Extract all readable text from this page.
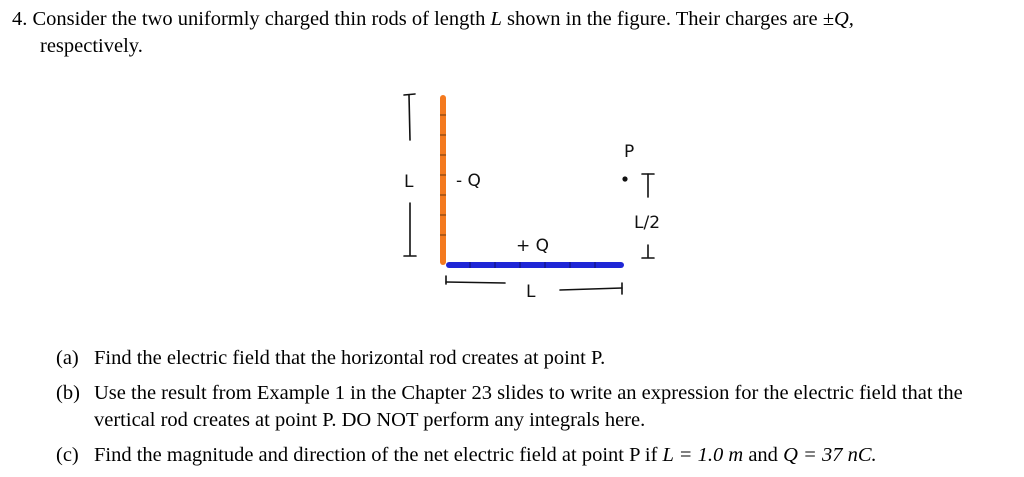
4. Consider the two uniformly charged thin rods of length L shown in the figure. Their charges are ±Q,
respectively.
L	- Q
+ Q
L
P
L/2
(a) Find the electric field that the horizontal rod creates at point P.
(b) Use the result from Example 1 in the Chapter 23 slides to write an expression for the electric field that the vertical rod creates at point P. DO NOT perform any integrals here.
(c) Find the magnitude and direction of the net electric field at point P if L = 1.0 m and Q = 37 nC.
